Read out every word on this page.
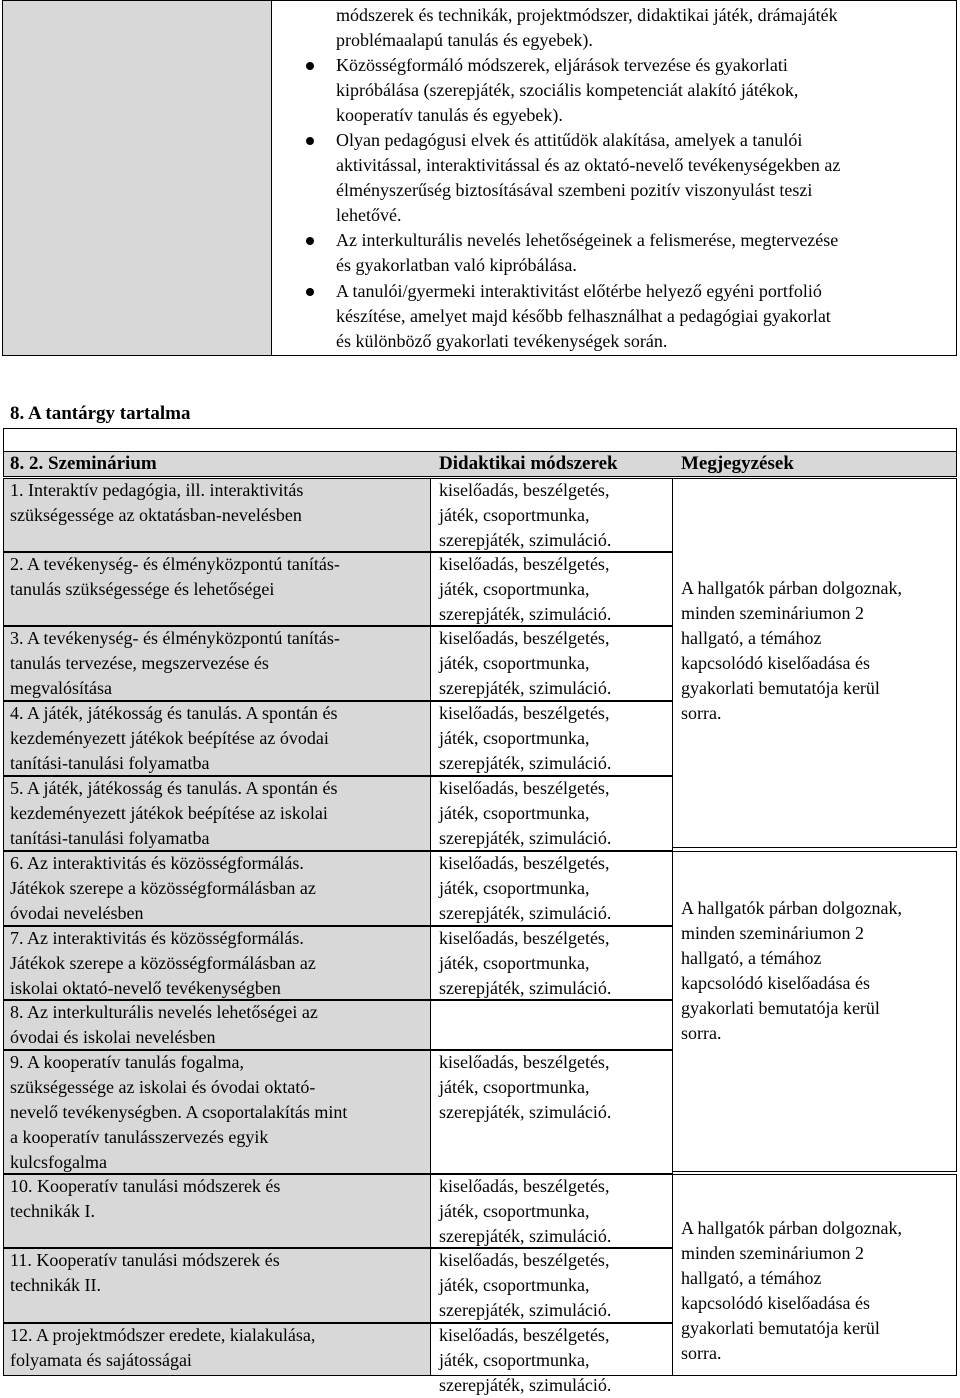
módszerek és technikák, projektmódszer, didaktikai játék, drámajáték
problémaalapú tanulás és egyebek).
Közösségformáló módszerek, eljárások tervezése és gyakorlati
kipróbálása (szerepjáték, szociális kompetenciát alakító játékok,
kooperatív tanulás és egyebek).
Olyan pedagógusi elvek és attitűdök alakítása, amelyek a tanulói
aktivitással, interaktivitással és az oktató-nevelő tevékenységekben az
élményszerűség biztosításával szembeni pozitív viszonyulást teszi
lehetővé.
Az interkulturális nevelés lehetőségeinek a felismerése, megtervezése
és gyakorlatban való kipróbálása.
A tanulói/gyermeki interaktivitást előtérbe helyező egyéni portfolió
készítése, amelyet majd később felhasználhat a pedagógiai gyakorlat
és különböző gyakorlati tevékenységek során.
8. A tantárgy tartalma
8. 2. Szeminárium	Didaktikai módszerek	Megjegyzések
1. Interaktív pedagógia, ill. interaktivitás
szükségessége az oktatásban-nevelésben
kiselőadás, beszélgetés,
játék, csoportmunka,
szerepjáték, szimuláció.
2. A tevékenység- és élményközpontú tanítás-
tanulás szükségessége és lehetőségei
kiselőadás, beszélgetés,
játék, csoportmunka,
szerepjáték, szimuláció.
3. A tevékenység- és élményközpontú tanítás-
tanulás tervezése, megszervezése és
megvalósítása
kiselőadás, beszélgetés,
játék, csoportmunka,
szerepjáték, szimuláció.
4. A játék, játékosság és tanulás. A spontán és
kezdeményezett játékok beépítése az óvodai
tanítási-tanulási folyamatba
kiselőadás, beszélgetés,
játék, csoportmunka,
szerepjáték, szimuláció.
5. A játék, játékosság és tanulás. A spontán és
kezdeményezett játékok beépítése az iskolai
tanítási-tanulási folyamatba
kiselőadás, beszélgetés,
játék, csoportmunka,
szerepjáték, szimuláció.
6. Az interaktivitás és közösségformálás.
Játékok szerepe a közösségformálásban az
óvodai nevelésben
kiselőadás, beszélgetés,
játék, csoportmunka,
szerepjáték, szimuláció.
7. Az interaktivitás és közösségformálás.
Játékok szerepe a közösségformálásban az
iskolai oktató-nevelő tevékenységben
kiselőadás, beszélgetés,
játék, csoportmunka,
szerepjáték, szimuláció.
8. Az interkulturális nevelés lehetőségei az
óvodai és iskolai nevelésben
9. A kooperatív tanulás fogalma,
szükségessége az iskolai és óvodai oktató-
nevelő tevékenységben. A csoportalakítás mint
a kooperatív tanulásszervezés egyik
kulcsfogalma
kiselőadás, beszélgetés,
játék, csoportmunka,
szerepjáték, szimuláció.
10. Kooperatív tanulási módszerek és
technikák I.
kiselőadás, beszélgetés,
játék, csoportmunka,
szerepjáték, szimuláció.
11. Kooperatív tanulási módszerek és
technikák II.
kiselőadás, beszélgetés,
játék, csoportmunka,
szerepjáték, szimuláció.
12. A projektmódszer eredete, kialakulása,
folyamata és sajátosságai
kiselőadás, beszélgetés,
játék, csoportmunka,
szerepjáték, szimuláció.
A hallgatók párban dolgoznak,
minden szemináriumon 2
hallgató, a témához
kapcsolódó kiselőadása és
gyakorlati bemutatója kerül
sorra.
A hallgatók párban dolgoznak,
minden szemináriumon 2
hallgató, a témához
kapcsolódó kiselőadása és
gyakorlati bemutatója kerül
sorra.
A hallgatók párban dolgoznak,
minden szemináriumon 2
hallgató, a témához
kapcsolódó kiselőadása és
gyakorlati bemutatója kerül
sorra.
